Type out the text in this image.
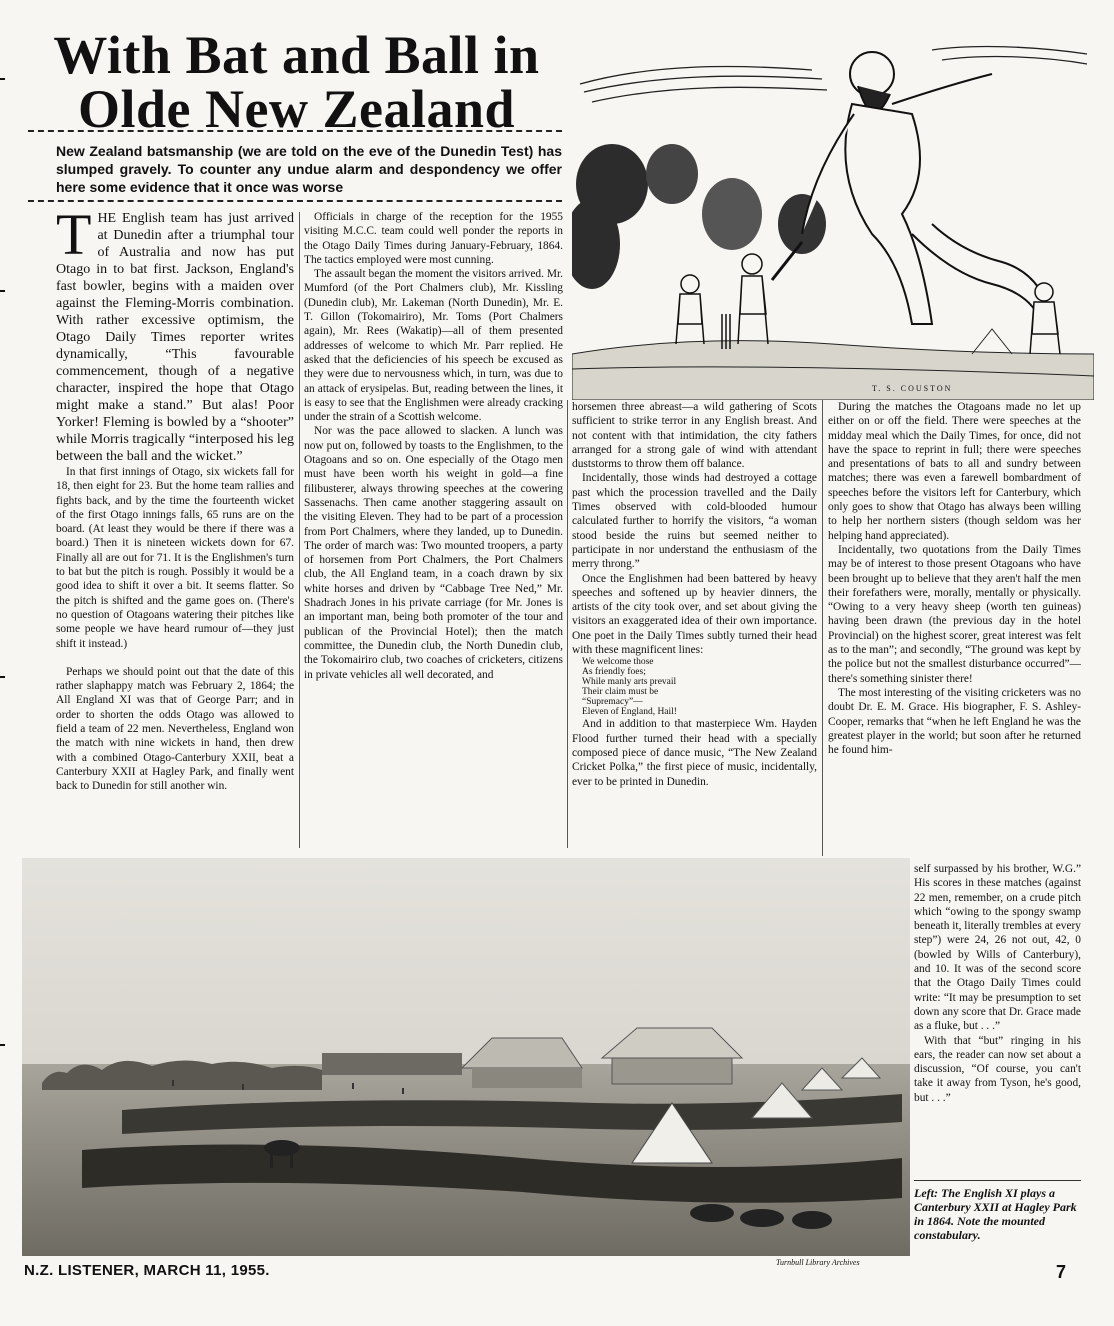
With Bat and Ball in
Olde New Zealand
New Zealand batsmanship (we are told on the eve of the Dunedin Test) has slumped gravely. To counter any undue alarm and despondency we offer here some evidence that it once was worse

THE English team has just arrived at Dunedin after a triumphal tour of Australia and now has put Otago in to bat first. Jackson, England's fast bowler, begins with a maiden over against the Fleming-Morris combination. With rather excessive optimism, the Otago Daily Times reporter writes dynamically, “This favourable commencement, though of a negative character, inspired the hope that Otago might make a stand.” But alas! Poor Yorker! Fleming is bowled by a “shooter” while Morris tragically “interposed his leg between the ball and the wicket.”

In that first innings of Otago, six wickets fall for 18, then eight for 23. But the home team rallies and fights back, and by the time the fourteenth wicket of the first Otago innings falls, 65 runs are on the board. (At least they would be there if there was a board.) Then it is nineteen wickets down for 67. Finally all are out for 71. It is the Englishmen's turn to bat but the pitch is rough. Possibly it would be a good idea to shift it over a bit. It seems flatter. So the pitch is shifted and the game goes on. (There's no question of Otagoans watering their pitches like some people we have heard rumour of—they just shift it instead.)

Perhaps we should point out that the date of this rather slaphappy match was February 2, 1864; the All England XI was that of George Parr; and in order to shorten the odds Otago was allowed to field a team of 22 men. Nevertheless, England won the match with nine wickets in hand, then drew with a combined Otago-Canterbury XXII, beat a Canterbury XXII at Hagley Park, and finally went back to Dunedin for still another win.

Officials in charge of the reception for the 1955 visiting M.C.C. team could well ponder the reports in the Otago Daily Times during January-February, 1864. The tactics employed were most cunning.

The assault began the moment the visitors arrived. Mr. Mumford (of the Port Chalmers club), Mr. Kissling (Dunedin club), Mr. Lakeman (North Dunedin), Mr. E. T. Gillon (Tokomairiro), Mr. Toms (Port Chalmers again), Mr. Rees (Wakatip)—all of them presented addresses of welcome to which Mr. Parr replied. He asked that the deficiencies of his speech be excused as they were due to nervousness which, in turn, was due to an attack of erysipelas. But, reading between the lines, it is easy to see that the Englishmen were already cracking under the strain of a Scottish welcome.

Nor was the pace allowed to slacken. A lunch was now put on, followed by toasts to the Englishmen, to the Otagoans and so on. One especially of the Otago men must have been worth his weight in gold—a fine filibusterer, always throwing speeches at the cowering Sassenachs. Then came another staggering assault on the visiting Eleven. They had to be part of a procession from Port Chalmers, where they landed, up to Dunedin. The order of march was: Two mounted troopers, a party of horsemen from Port Chalmers, the Port Chalmers club, the All England team, in a coach drawn by six white horses and driven by “Cabbage Tree Ned,” Mr. Shadrach Jones in his private carriage (for Mr. Jones is an important man, being both promoter of the tour and publican of the Provincial Hotel); then the match committee, the Dunedin club, the North Dunedin club, the Tokomairiro club, two coaches of cricketers, citizens in private vehicles all well decorated, and

T. S. COUSTON

horsemen three abreast—a wild gathering of Scots sufficient to strike terror in any English breast. And not content with that intimidation, the city fathers arranged for a strong gale of wind with attendant duststorms to throw them off balance.

Incidentally, those winds had destroyed a cottage past which the procession travelled and the Daily Times observed with cold-blooded humour calculated further to horrify the visitors, “a woman stood beside the ruins but seemed neither to participate in nor understand the enthusiasm of the merry throng.”

Once the Englishmen had been battered by heavy speeches and softened up by heavier dinners, the artists of the city took over, and set about giving the visitors an exaggerated idea of their own importance. One poet in the Daily Times subtly turned their head with these magnificent lines:

We welcome those

As friendly foes;

While manly arts prevail

Their claim must be

“Supremacy”—

Eleven of England, Hail!

And in addition to that masterpiece Wm. Hayden Flood further turned their head with a specially composed piece of dance music, “The New Zealand Cricket Polka,” the first piece of music, incidentally, ever to be printed in Dunedin.

During the matches the Otagoans made no let up either on or off the field. There were speeches at the midday meal which the Daily Times, for once, did not have the space to reprint in full; there were speeches and presentations of bats to all and sundry between matches; there was even a farewell bombardment of speeches before the visitors left for Canterbury, which only goes to show that Otago has always been willing to help her northern sisters (though seldom was her helping hand appreciated).

Incidentally, two quotations from the Daily Times may be of interest to those present Otagoans who have been brought up to believe that they aren't half the men their forefathers were, morally, mentally or physically. “Owing to a very heavy sheep (worth ten guineas) having been drawn (the previous day in the hotel Provincial) on the highest scorer, great interest was felt as to the man”; and secondly, “The ground was kept by the police but not the smallest disturbance occurred”—there's something sinister there!

The most interesting of the visiting cricketers was no doubt Dr. E. M. Grace. His biographer, F. S. Ashley-Cooper, remarks that “when he left England he was the greatest player in the world; but soon after he returned he found him-

self surpassed by his brother, W.G.” His scores in these matches (against 22 men, remember, on a crude pitch which “owing to the spongy swamp beneath it, literally trembles at every step”) were 24, 26 not out, 42, 0 (bowled by Wills of Canterbury), and 10. It was of the second score that the Otago Daily Times could write: “It may be presumption to set down any score that Dr. Grace made as a fluke, but . . .”

With that “but” ringing in his ears, the reader can now set about a discussion, “Of course, you can't take it away from Tyson, he's good, but . . .”

Left: The English XI plays a Canterbury XXII at Hagley Park in 1864. Note the mounted constabulary.
Turnbull Library Archives
N.Z. LISTENER, MARCH 11, 1955.	7
